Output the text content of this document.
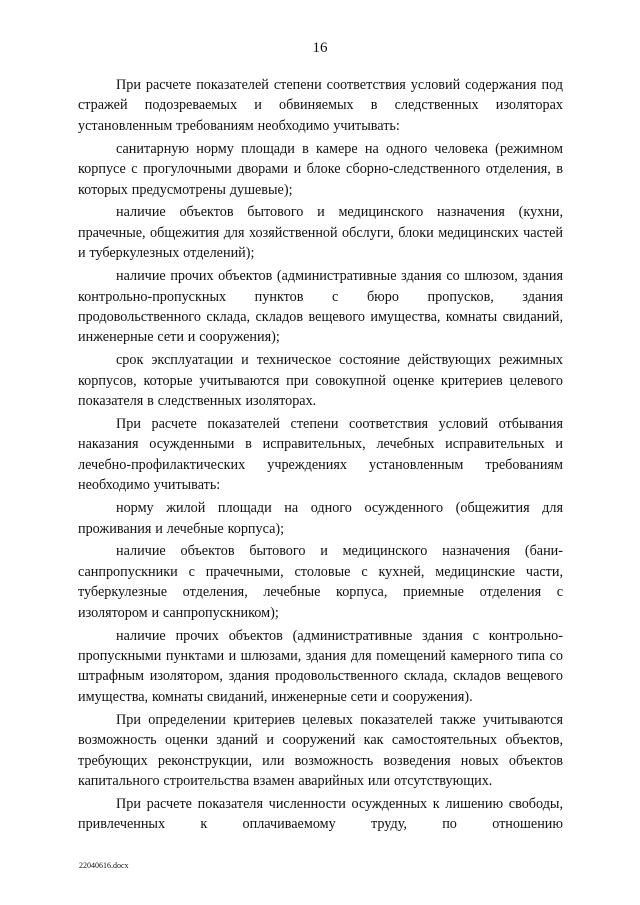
16

При расчете показателей степени соответствия условий содержания под стражей подозреваемых и обвиняемых в следственных изоляторах установленным требованиям необходимо учитывать:

санитарную норму площади в камере на одного человека (режимном корпусе с прогулочными дворами и блоке сборно-следственного отделения, в которых предусмотрены душевые);

наличие объектов бытового и медицинского назначения (кухни, прачечные, общежития для хозяйственной обслуги, блоки медицинских частей и туберкулезных отделений);

наличие прочих объектов (административные здания со шлюзом, здания контрольно-пропускных пунктов с бюро пропусков, здания продовольственного склада, складов вещевого имущества, комнаты свиданий, инженерные сети и сооружения);

срок эксплуатации и техническое состояние действующих режимных корпусов, которые учитываются при совокупной оценке критериев целевого показателя в следственных изоляторах.

При расчете показателей степени соответствия условий отбывания наказания осужденными в исправительных, лечебных исправительных и лечебно-профилактических учреждениях установленным требованиям необходимо учитывать:

норму жилой площади на одного осужденного (общежития для проживания и лечебные корпуса);

наличие объектов бытового и медицинского назначения (бани-санпропускники с прачечными, столовые с кухней, медицинские части, туберкулезные отделения, лечебные корпуса, приемные отделения с изолятором и санпропускником);

наличие прочих объектов (административные здания с контрольно-пропускными пунктами и шлюзами, здания для помещений камерного типа со штрафным изолятором, здания продовольственного склада, складов вещевого имущества, комнаты свиданий, инженерные сети и сооружения).

При определении критериев целевых показателей также учитываются возможность оценки зданий и сооружений как самостоятельных объектов, требующих реконструкции, или возможность возведения новых объектов капитального строительства взамен аварийных или отсутствующих.

При расчете показателя численности осужденных к лишению свободы, привлеченных к оплачиваемому труду, по отношению

22040616.docx
